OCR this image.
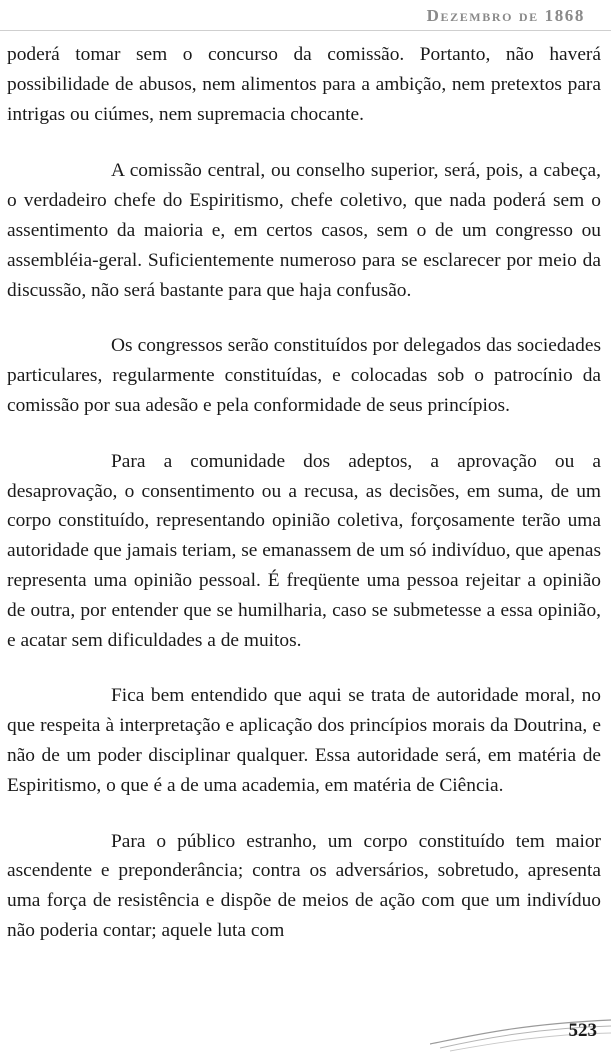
Dezembro de 1868

poderá tomar sem o concurso da comissão. Portanto, não haverá possibilidade de abusos, nem alimentos para a ambição, nem pretextos para intrigas ou ciúmes, nem supremacia chocante.

A comissão central, ou conselho superior, será, pois, a cabeça, o verdadeiro chefe do Espiritismo, chefe coletivo, que nada poderá sem o assentimento da maioria e, em certos casos, sem o de um congresso ou assembléia-geral. Suficientemente numeroso para se esclarecer por meio da discussão, não será bastante para que haja confusão.

Os congressos serão constituídos por delegados das sociedades particulares, regularmente constituídas, e colocadas sob o patrocínio da comissão por sua adesão e pela conformidade de seus princípios.

Para a comunidade dos adeptos, a aprovação ou a desaprovação, o consentimento ou a recusa, as decisões, em suma, de um corpo constituído, representando opinião coletiva, forçosamente terão uma autoridade que jamais teriam, se emanassem de um só indivíduo, que apenas representa uma opinião pessoal. É freqüente uma pessoa rejeitar a opinião de outra, por entender que se humilharia, caso se submetesse a essa opinião, e acatar sem dificuldades a de muitos.

Fica bem entendido que aqui se trata de autoridade moral, no que respeita à interpretação e aplicação dos princípios morais da Doutrina, e não de um poder disciplinar qualquer. Essa autoridade será, em matéria de Espiritismo, o que é a de uma academia, em matéria de Ciência.

Para o público estranho, um corpo constituído tem maior ascendente e preponderância; contra os adversários, sobretudo, apresenta uma força de resistência e dispõe de meios de ação com que um indivíduo não poderia contar; aquele luta com

523
